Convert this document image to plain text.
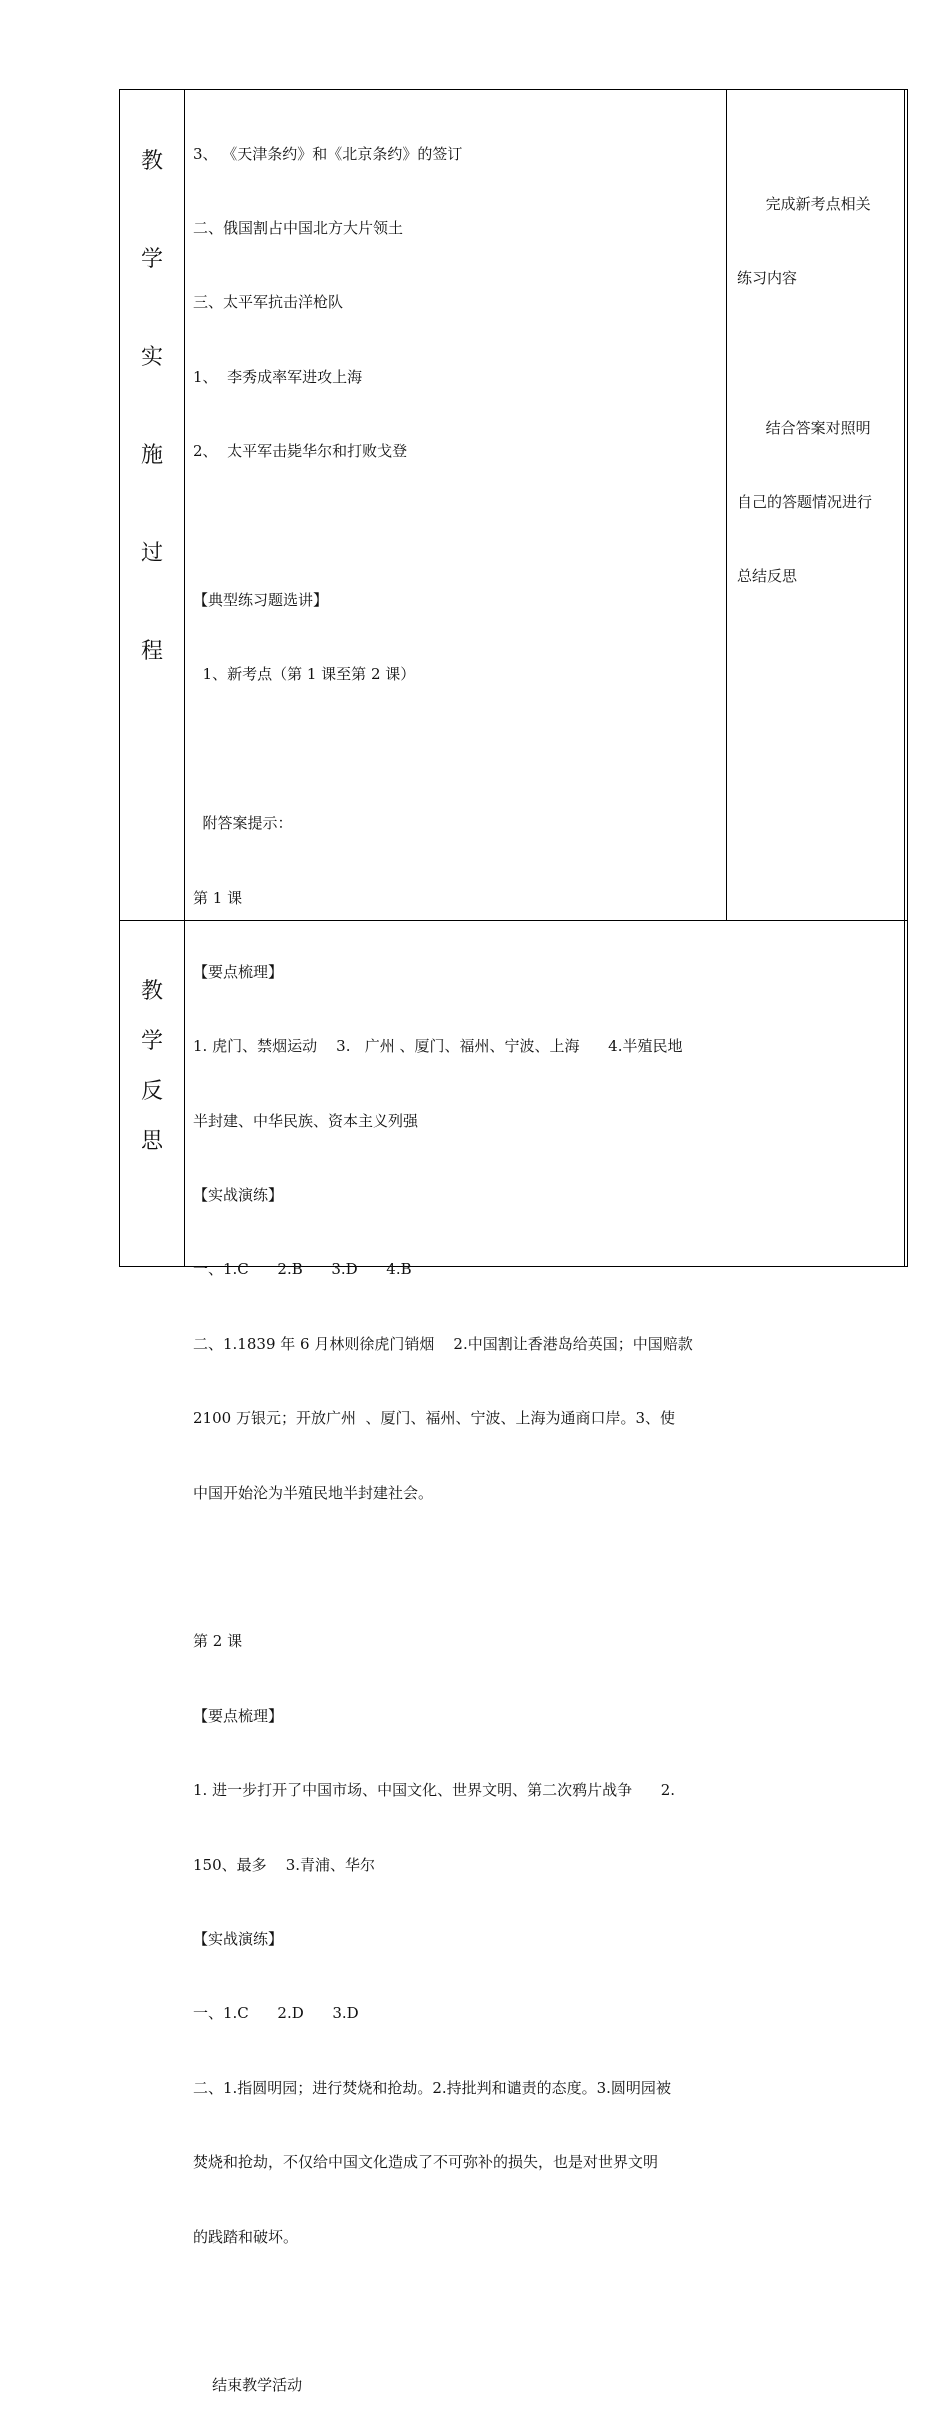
教
学
实
施
过
程

3、 《天津条约》和《北京条约》的签订

二、俄国割占中国北方大片领土

三、太平军抗击洋枪队

1、  李秀成率军进攻上海

2、  太平军击毙华尔和打败戈登

【典型练习题选讲】

1、新考点（第 1 课至第 2 课）

附答案提示：

第 1 课

【要点梳理】

1. 虎门、禁烟运动    3.   广州 、厦门、福州、宁波、上海      4.半殖民地

半封建、中华民族、资本主义列强

【实战演练】

一、1.C      2.B      3.D      4.B

二、1.1839 年 6 月林则徐虎门销烟    2.中国割让香港岛给英国；中国赔款

2100 万银元；开放广州  、厦门、福州、宁波、上海为通商口岸。3、使

中国开始沦为半殖民地半封建社会。

第 2 课

【要点梳理】

1. 进一步打开了中国市场、中国文化、世界文明、第二次鸦片战争      2.

150、最多    3.青浦、华尔

【实战演练】

一、1.C      2.D      3.D

二、1.指圆明园；进行焚烧和抢劫。2.持批判和谴责的态度。3.圆明园被

焚烧和抢劫，不仅给中国文化造成了不可弥补的损失，也是对世界文明

的践踏和破坏。

结束教学活动

完成新考点相关

练习内容

结合答案对照明

自己的答题情况进行

总结反思

教
学
反
思
